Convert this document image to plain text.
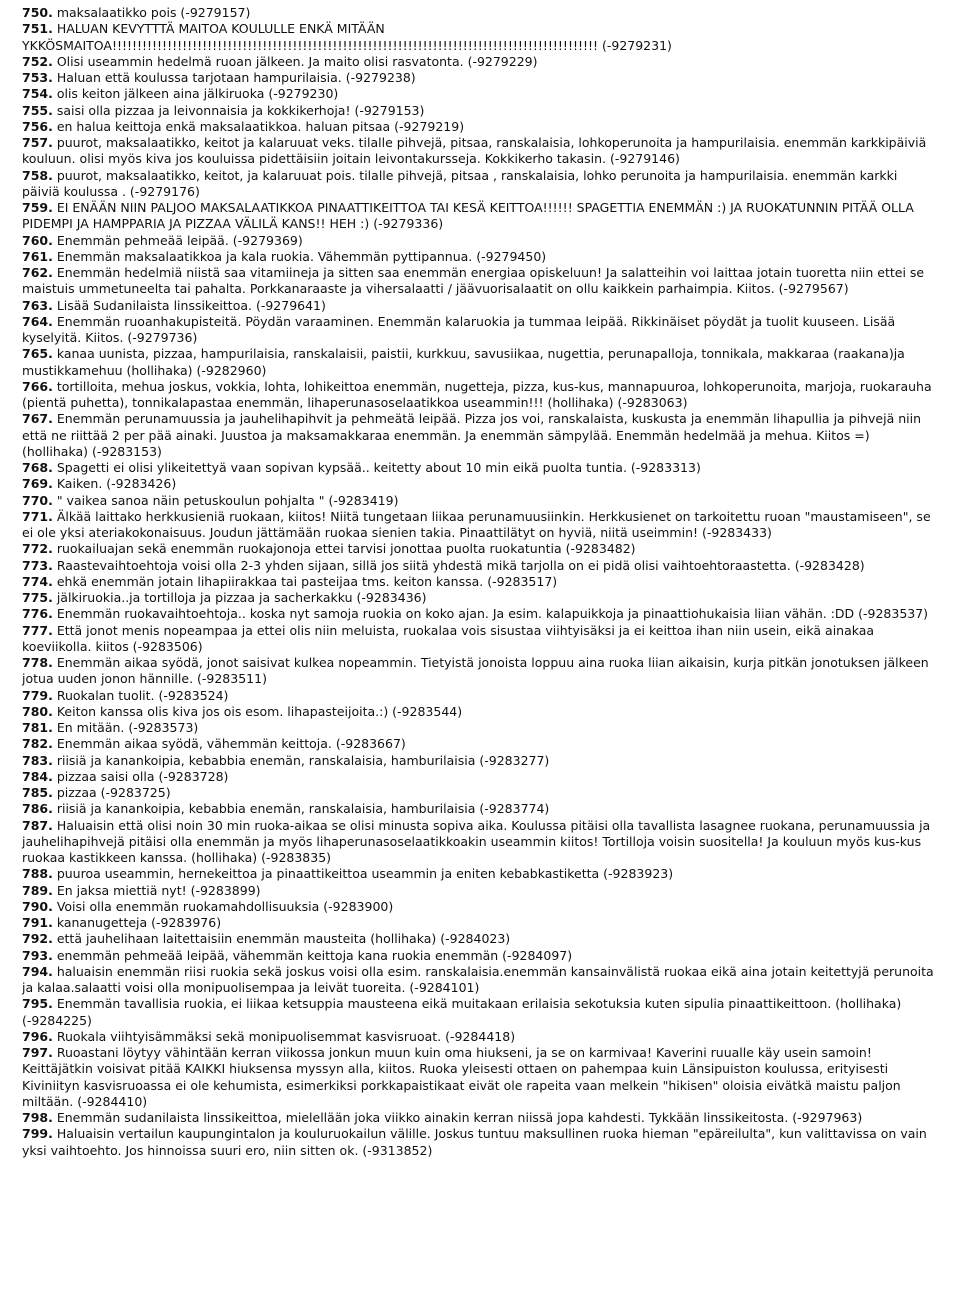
750. maksalaatikko pois (-9279157)

751. HALUAN KEVYTTTÄ MAITOA KOULULLE ENKÄ MITÄÄN YKKÖSMAITOA!!!!!!!!!!!!!!!!!!!!!!!!!!!!!!!!!!!!!!!!!!!!!!!!!!!!!!!!!!!!!!!!!!!!!!!!!!!!!!!!!!!!!!!!!!!!!!!!! (-9279231)

752. Olisi useammin hedelmä ruoan jälkeen. Ja maito olisi rasvatonta. (-9279229)

753. Haluan että koulussa tarjotaan hampurilaisia. (-9279238)

754. olis keiton jälkeen aina jälkiruoka (-9279230)

755. saisi olla pizzaa ja leivonnaisia ja kokkikerhoja! (-9279153)

756. en halua keittoja enkä maksalaatikkoa. haluan pitsaa (-9279219)

757. puurot, maksalaatikko, keitot ja kalaruuat veks. tilalle pihvejä, pitsaa, ranskalaisia, lohkoperunoita ja hampurilaisia. enemmän karkkipäiviä kouluun. olisi myös kiva jos kouluissa pidettäisiin joitain leivontakursseja. Kokkikerho takasin. (-9279146)

758. puurot, maksalaatikko, keitot, ja kalaruuat pois. tilalle pihvejä, pitsaa , ranskalaisia, lohko perunoita ja hampurilaisia. enemmän karkki päiviä koulussa . (-9279176)

759. EI ENÄÄN NIIN PALJOO MAKSALAATIKKOA PINAATTIKEITTOA TAI KESÄ KEITTOA!!!!!! SPAGETTIA ENEMMÄN :) JA RUOKATUNNIN PITÄÄ OLLA PIDEMPI JA HAMPPARIA JA PIZZAA VÄLILÄ KANS!! HEH :) (-9279336)

760. Enemmän pehmeää leipää. (-9279369)

761. Enemmän maksalaatikkoa ja kala ruokia. Vähemmän pyttipannua. (-9279450)

762. Enemmän hedelmiä niistä saa vitamiineja ja sitten saa enemmän energiaa opiskeluun! Ja salatteihin voi laittaa jotain tuoretta niin ettei se maistuis ummetuneelta tai pahalta. Porkkanaraaste ja vihersalaatti / jäävuorisalaatit on ollu kaikkein parhaimpia. Kiitos. (-9279567)

763. Lisää Sudanilaista linssikeittoa. (-9279641)

764. Enemmän ruoanhakupisteitä. Pöydän varaaminen. Enemmän kalaruokia ja tummaa leipää. Rikkinäiset pöydät ja tuolit kuuseen. Lisää kyselyitä. Kiitos. (-9279736)

765. kanaa uunista, pizzaa, hampurilaisia, ranskalaisii, paistii, kurkkuu, savusiikaa, nugettia, perunapalloja, tonnikala, makkaraa (raakana)ja mustikkamehuu (hollihaka) (-9282960)

766. tortilloita, mehua joskus, vokkia, lohta, lohikeittoa enemmän, nugetteja, pizza, kus-kus, mannapuuroa, lohkoperunoita, marjoja, ruokarauha (pientä puhetta), tonnikalapastaa enemmän, lihaperunasoselaatikkoa useammin!!! (hollihaka) (-9283063)

767. Enemmän perunamuussia ja jauhelihapihvit ja pehmeätä leipää. Pizza jos voi, ranskalaista, kuskusta ja enemmän lihapullia ja pihvejä niin että ne riittää 2 per pää ainaki. Juustoa ja maksamakkaraa enemmän. Ja enemmän sämpylää. Enemmän hedelmää ja mehua. Kiitos =) (hollihaka) (-9283153)

768. Spagetti ei olisi ylikeitettyä vaan sopivan kypsää.. keitetty about 10 min eikä puolta tuntia. (-9283313)

769. Kaiken. (-9283426)

770. " vaikea sanoa näin petuskoulun pohjalta " (-9283419)

771. Älkää laittako herkkusieniä ruokaan, kiitos! Niitä tungetaan liikaa perunamuusiinkin. Herkkusienet on tarkoitettu ruoan "maustamiseen", se ei ole yksi ateriakokonaisuus. Joudun jättämään ruokaa sienien takia. Pinaattilätyt on hyviä, niitä useimmin! (-9283433)

772. ruokailuajan sekä enemmän ruokajonoja ettei tarvisi jonottaa puolta ruokatuntia (-9283482)

773. Raastevaihtoehtoja voisi olla 2-3 yhden sijaan, sillä jos siitä yhdestä mikä tarjolla on ei pidä olisi vaihtoehtoraastetta. (-9283428)

774. ehkä enemmän jotain lihapiirakkaa tai pasteijaa tms. keiton kanssa. (-9283517)

775. jälkiruokia..ja tortilloja ja pizzaa ja sacherkakku (-9283436)

776. Enemmän ruokavaihtoehtoja.. koska nyt samoja ruokia on koko ajan. Ja esim. kalapuikkoja ja pinaattiohukaisia liian vähän. :DD (-9283537)

777. Että jonot menis nopeampaa ja ettei olis niin meluista, ruokalaa vois sisustaa viihtyisäksi ja ei keittoa ihan niin usein, eikä ainakaa koeviikolla. kiitos (-9283506)

778. Enemmän aikaa syödä, jonot saisivat kulkea nopeammin. Tietyistä jonoista loppuu aina ruoka liian aikaisin, kurja pitkän jonotuksen jälkeen jotua uuden jonon hännille. (-9283511)

779. Ruokalan tuolit. (-9283524)

780. Keiton kanssa olis kiva jos ois esom. lihapasteijoita.:) (-9283544)

781. En mitään. (-9283573)

782. Enemmän aikaa syödä, vähemmän keittoja. (-9283667)

783. riisiä ja kanankoipia, kebabbia enemän, ranskalaisia, hamburilaisia (-9283277)

784. pizzaa saisi olla (-9283728)

785. pizzaa (-9283725)

786. riisiä ja kanankoipia, kebabbia enemän, ranskalaisia, hamburilaisia (-9283774)

787. Haluaisin että olisi noin 30 min ruoka-aikaa se olisi minusta sopiva aika. Koulussa pitäisi olla tavallista lasagnee ruokana, perunamuussia ja jauhelihapihvejä pitäisi olla enemmän ja myös lihaperunasoselaatikkoakin useammin kiitos! Tortilloja voisin suositella! Ja kouluun myös kus-kus ruokaa kastikkeen kanssa. (hollihaka) (-9283835)

788. puuroa useammin, hernekeittoa ja pinaattikeittoa useammin ja eniten kebabkastiketta (-9283923)

789. En jaksa miettiä nyt! (-9283899)

790. Voisi olla enemmän ruokamahdollisuuksia (-9283900)

791. kananugetteja (-9283976)

792. että jauhelihaan laitettaisiin enemmän mausteita (hollihaka) (-9284023)

793. enemmän pehmeää leipää, vähemmän keittoja kana ruokia enemmän (-9284097)

794. haluaisin enemmän riisi ruokia sekä joskus voisi olla esim. ranskalaisia.enemmän kansainvälistä ruokaa eikä aina jotain keitettyjä perunoita ja kalaa.salaatti voisi olla monipuolisempaa ja leivät tuoreita. (-9284101)

795. Enemmän tavallisia ruokia, ei liikaa ketsuppia mausteena eikä muitakaan erilaisia sekotuksia kuten sipulia pinaattikeittoon. (hollihaka) (-9284225)

796. Ruokala viihtyisämmäksi sekä monipuolisemmat kasvisruoat. (-9284418)

797. Ruoastani löytyy vähintään kerran viikossa jonkun muun kuin oma hiukseni, ja se on karmivaa! Kaverini ruualle käy usein samoin! Keittäjätkin voisivat pitää KAIKKI hiuksensa myssyn alla, kiitos. Ruoka yleisesti ottaen on pahempaa kuin Länsipuiston koulussa, erityisesti Kiviniityn kasvisruoassa ei ole kehumista, esimerkiksi porkkapaistikaat eivät ole rapeita vaan melkein "hikisen" oloisia eivätkä maistu paljon miltään. (-9284410)

798. Enemmän sudanilaista linssikeittoa, mielellään joka viikko ainakin kerran niissä jopa kahdesti. Tykkään linssikeitosta. (-9297963)

799. Haluaisin vertailun kaupungintalon ja kouluruokailun välille. Joskus tuntuu maksullinen ruoka hieman "epäreilulta", kun valittavissa on vain yksi vaihtoehto. Jos hinnoissa suuri ero, niin sitten ok. (-9313852)
